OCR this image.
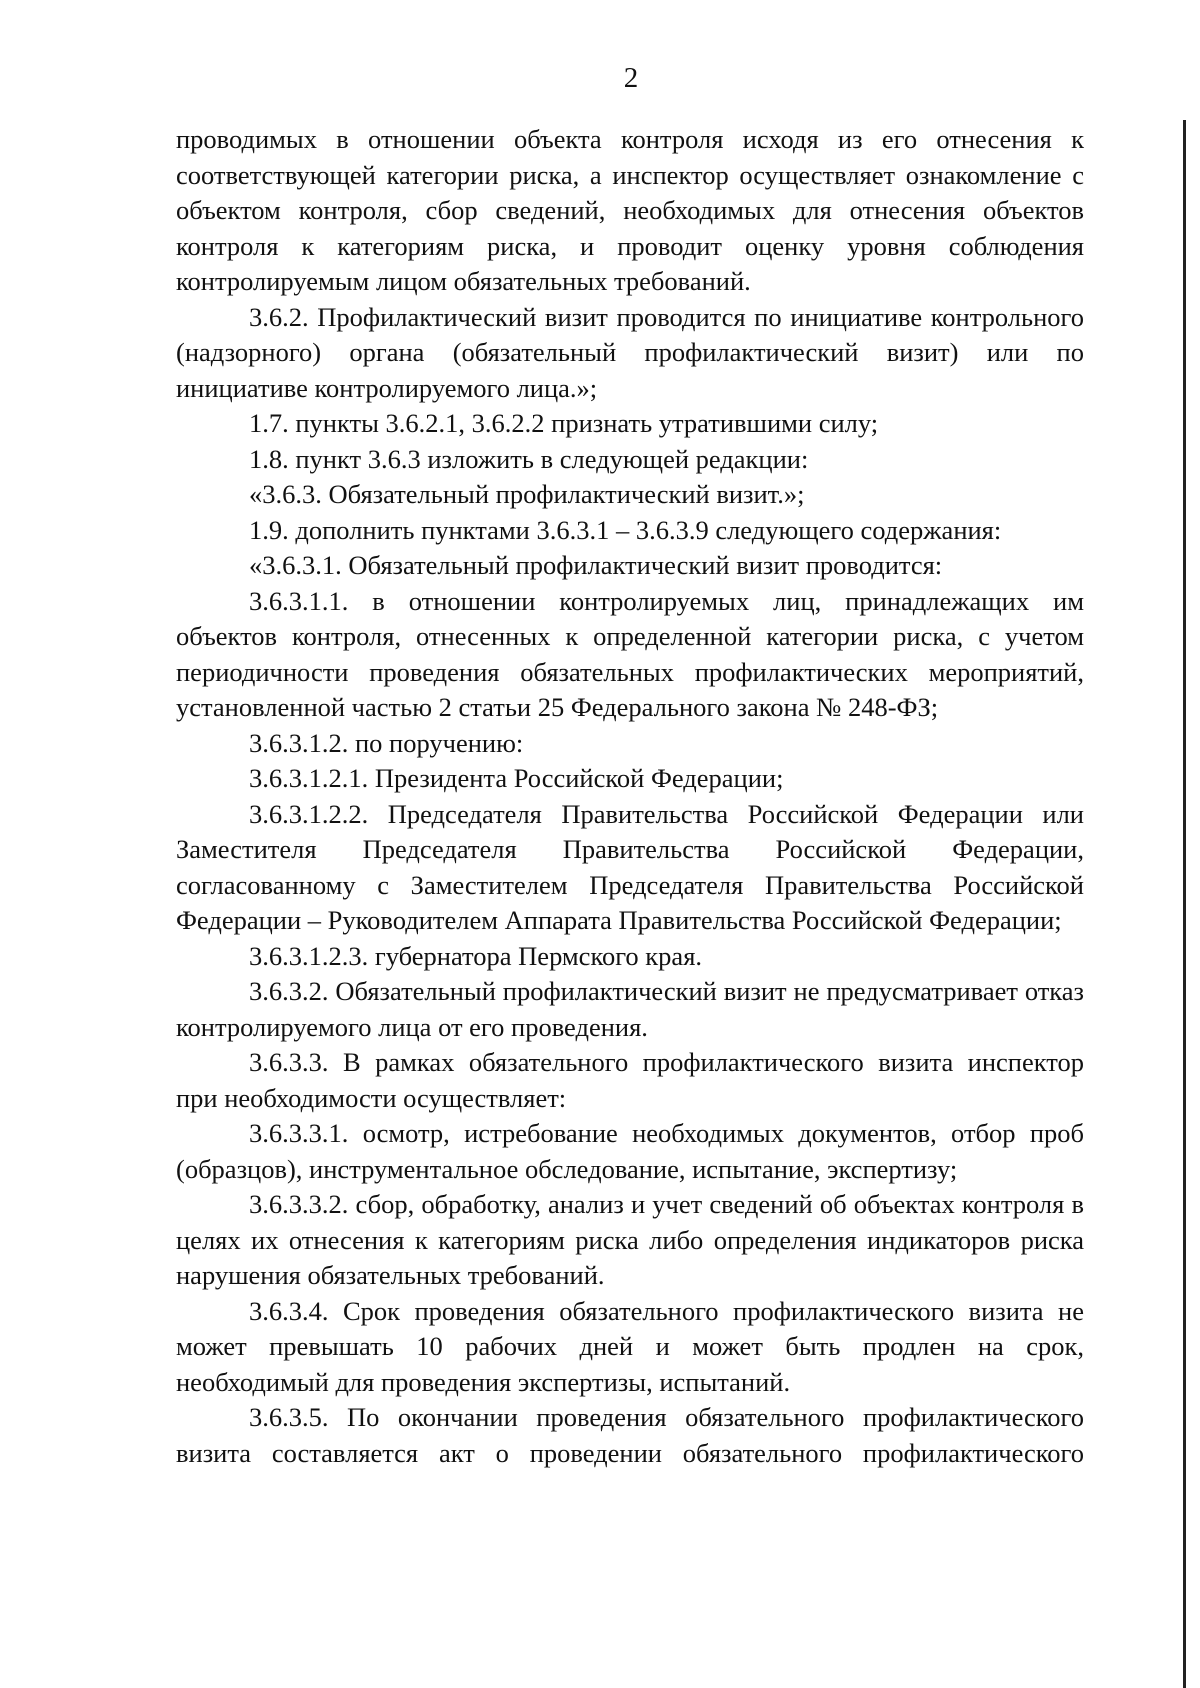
2

проводимых в отношении объекта контроля исходя из его отнесения к соответствующей категории риска, а инспектор осуществляет ознакомление с объектом контроля, сбор сведений, необходимых для отнесения объектов контроля к категориям риска, и проводит оценку уровня соблюдения контролируемым лицом обязательных требований.

3.6.2. Профилактический визит проводится по инициативе контрольного (надзорного) органа (обязательный профилактический визит) или по инициативе контролируемого лица.»;

1.7. пункты 3.6.2.1, 3.6.2.2 признать утратившими силу;

1.8. пункт 3.6.3 изложить в следующей редакции:

«3.6.3. Обязательный профилактический визит.»;

1.9. дополнить пунктами 3.6.3.1 – 3.6.3.9 следующего содержания:

«3.6.3.1. Обязательный профилактический визит проводится:

3.6.3.1.1. в отношении контролируемых лиц, принадлежащих им объектов контроля, отнесенных к определенной категории риска, с учетом периодичности проведения обязательных профилактических мероприятий, установленной частью 2 статьи 25 Федерального закона № 248-ФЗ;

3.6.3.1.2. по поручению:

3.6.3.1.2.1. Президента Российской Федерации;

3.6.3.1.2.2. Председателя Правительства Российской Федерации или Заместителя Председателя Правительства Российской Федерации, согласованному с Заместителем Председателя Правительства Российской Федерации – Руководителем Аппарата Правительства Российской Федерации;

3.6.3.1.2.3. губернатора Пермского края.

3.6.3.2. Обязательный профилактический визит не предусматривает отказ контролируемого лица от его проведения.

3.6.3.3. В рамках обязательного профилактического визита инспектор при необходимости осуществляет:

3.6.3.3.1. осмотр, истребование необходимых документов, отбор проб (образцов), инструментальное обследование, испытание, экспертизу;

3.6.3.3.2. сбор, обработку, анализ и учет сведений об объектах контроля в целях их отнесения к категориям риска либо определения индикаторов риска нарушения обязательных требований.

3.6.3.4. Срок проведения обязательного профилактического визита не может превышать 10 рабочих дней и может быть продлен на срок, необходимый для проведения экспертизы, испытаний.

3.6.3.5. По окончании проведения обязательного профилактического визита составляется акт о проведении обязательного профилактического
